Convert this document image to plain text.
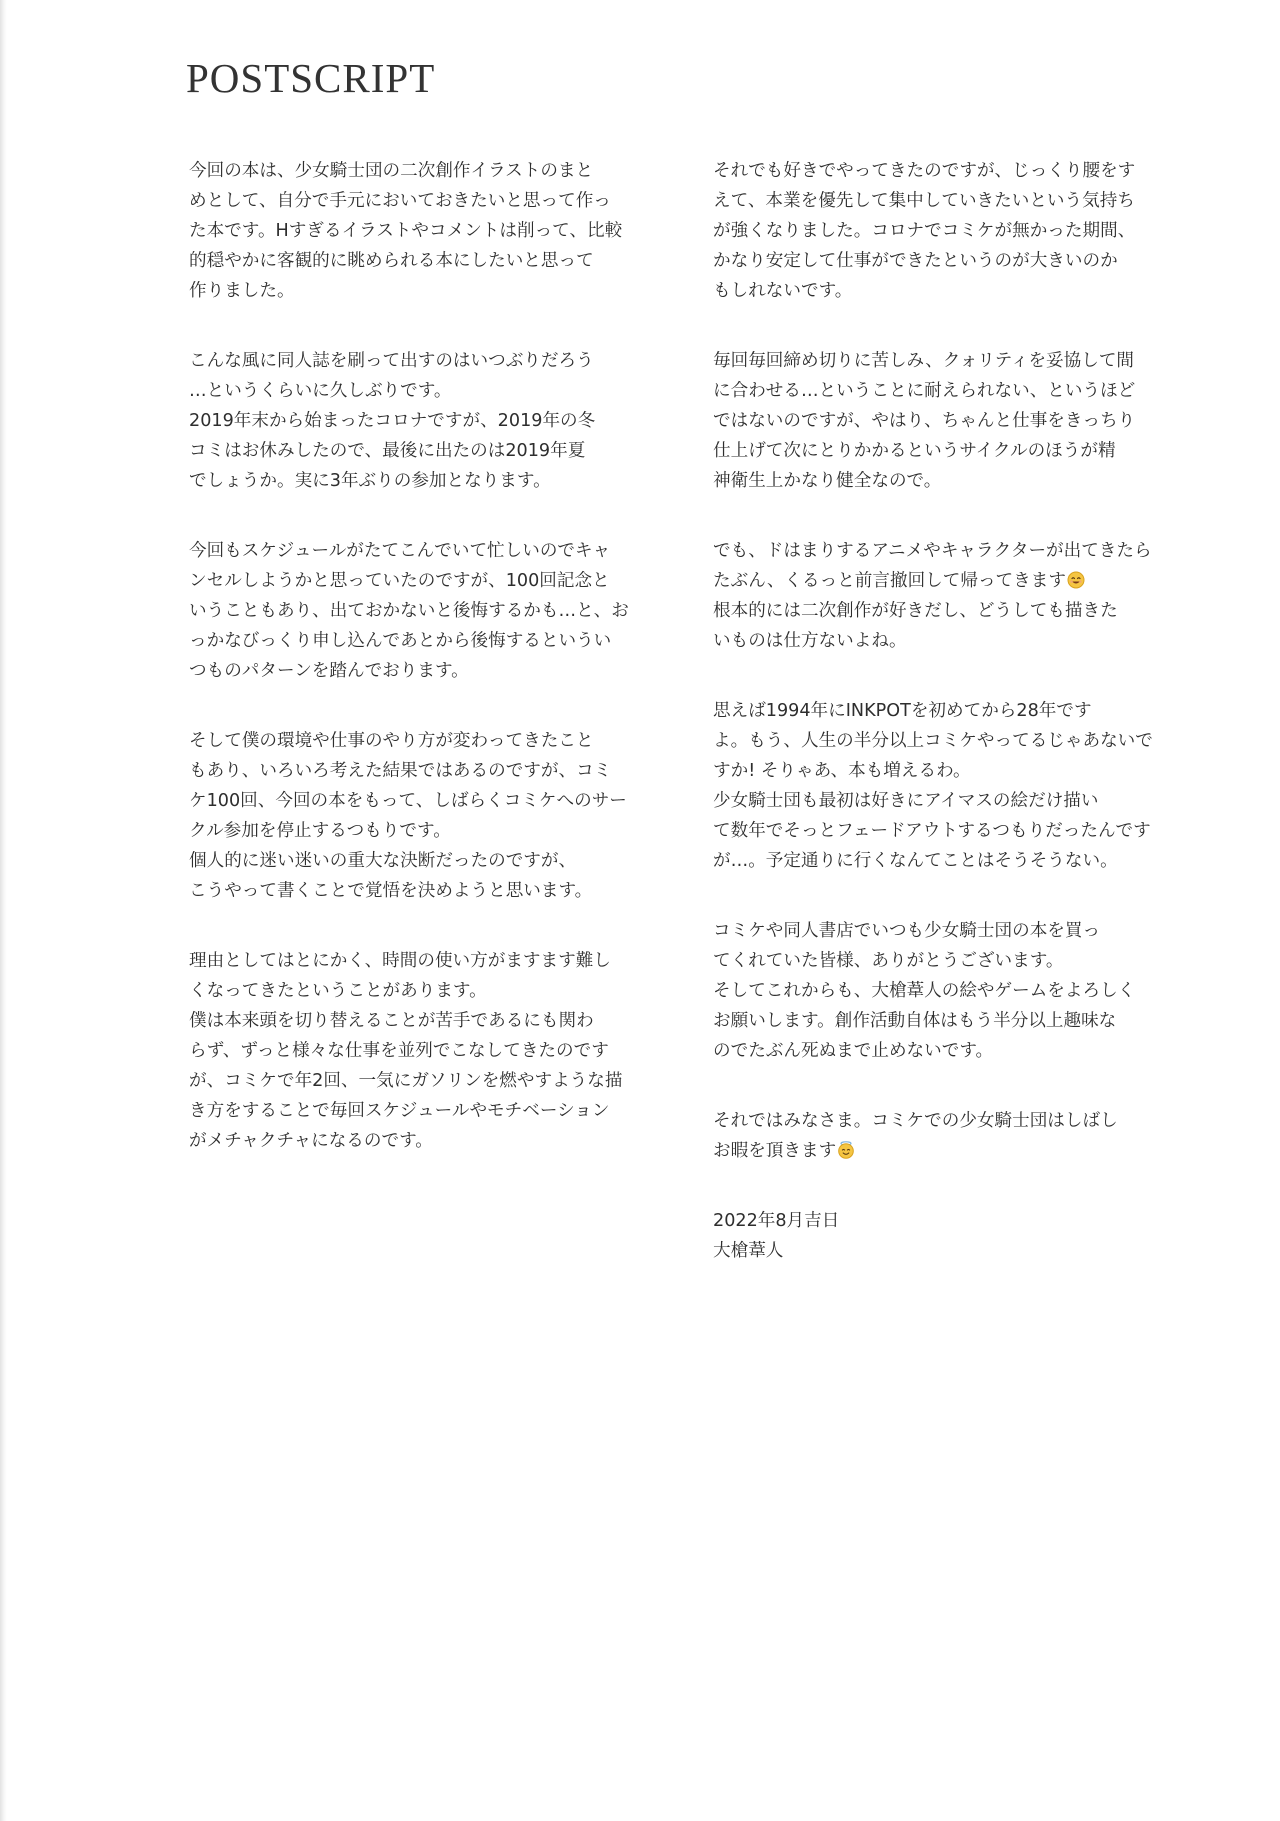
POSTSCRIPT
今回の本は、少女騎士団の二次創作イラストのまと
めとして、自分で手元においておきたいと思って作っ
た本です。Hすぎるイラストやコメントは削って、比較
的穏やかに客観的に眺められる本にしたいと思って
作りました。
こんな風に同人誌を刷って出すのはいつぶりだろう
…というくらいに久しぶりです。
2019年末から始まったコロナですが、2019年の冬
コミはお休みしたので、最後に出たのは2019年夏
でしょうか。実に3年ぶりの参加となります。
今回もスケジュールがたてこんでいて忙しいのでキャ
ンセルしようかと思っていたのですが、100回記念と
いうこともあり、出ておかないと後悔するかも…と、お
っかなびっくり申し込んであとから後悔するというい
つものパターンを踏んでおります。
そして僕の環境や仕事のやり方が変わってきたこと
もあり、いろいろ考えた結果ではあるのですが、コミ
ケ100回、今回の本をもって、しばらくコミケへのサー
クル参加を停止するつもりです。
個人的に迷い迷いの重大な決断だったのですが、
こうやって書くことで覚悟を決めようと思います。
理由としてはとにかく、時間の使い方がますます難し
くなってきたということがあります。
僕は本来頭を切り替えることが苦手であるにも関わ
らず、ずっと様々な仕事を並列でこなしてきたのです
が、コミケで年2回、一気にガソリンを燃やすような描
き方をすることで毎回スケジュールやモチベーション
がメチャクチャになるのです。
それでも好きでやってきたのですが、じっくり腰をす
えて、本業を優先して集中していきたいという気持ち
が強くなりました。コロナでコミケが無かった期間、
かなり安定して仕事ができたというのが大きいのか
もしれないです。
毎回毎回締め切りに苦しみ、クォリティを妥協して間
に合わせる…ということに耐えられない、というほど
ではないのですが、やはり、ちゃんと仕事をきっちり
仕上げて次にとりかかるというサイクルのほうが精
神衛生上かなり健全なので。
でも、ドはまりするアニメやキャラクターが出てきたら
たぶん、くるっと前言撤回して帰ってきます
根本的には二次創作が好きだし、どうしても描きた
いものは仕方ないよね。
思えば1994年にINKPOTを初めてから28年です
よ。もう、人生の半分以上コミケやってるじゃあないで
すか! そりゃあ、本も増えるわ。
少女騎士団も最初は好きにアイマスの絵だけ描い
て数年でそっとフェードアウトするつもりだったんです
が…。予定通りに行くなんてことはそうそうない。
コミケや同人書店でいつも少女騎士団の本を買っ
てくれていた皆様、ありがとうございます。
そしてこれからも、大槍葦人の絵やゲームをよろしく
お願いします。創作活動自体はもう半分以上趣味な
のでたぶん死ぬまで止めないです。
それではみなさま。コミケでの少女騎士団はしばし
お暇を頂きます
2022年8月吉日
大槍葦人
